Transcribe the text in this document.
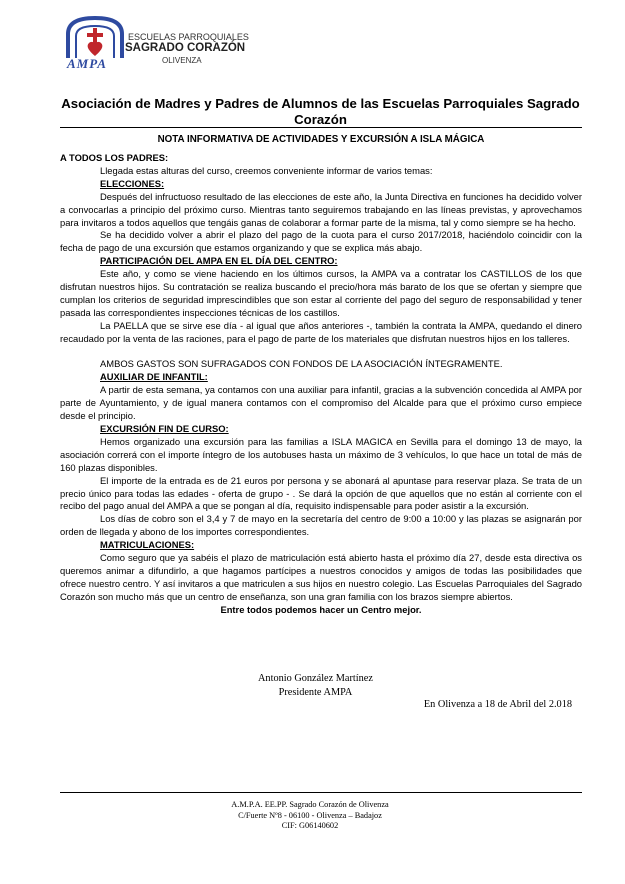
AMPA
ESCUELAS PARROQUIALES
SAGRADO CORAZÓN
OLIVENZA
Asociación de Madres y Padres de Alumnos de las Escuelas Parroquiales Sagrado Corazón
NOTA INFORMATIVA DE ACTIVIDADES Y EXCURSIÓN A ISLA MÁGICA

A TODOS LOS PADRES:

Llegada estas alturas del curso, creemos conveniente informar de varios temas:

ELECCIONES:

Después del infructuoso resultado de las elecciones de este año, la Junta Directiva en funciones ha decidido volver a convocarlas a principio del próximo curso. Mientras tanto seguiremos trabajando en las líneas previstas, y aprovechamos para invitaros a todos aquellos que tengáis ganas de colaborar a formar parte de la misma, tal y como siempre se ha hecho.

Se ha decidido volver a abrir el plazo del pago de la cuota para el curso 2017/2018, haciéndolo coincidir con la fecha de pago de una excursión que estamos organizando y que se explica más abajo.

PARTICIPACIÓN DEL AMPA EN EL DÍA DEL CENTRO:

Este año, y como se viene haciendo en los últimos cursos, la AMPA va a contratar los CASTILLOS de los que disfrutan nuestros hijos. Su contratación se realiza buscando el precio/hora más barato de los que se ofertan y siempre que cumplan los criterios de seguridad imprescindibles que son estar al corriente del pago del seguro de responsabilidad y tener pasada las correspondientes inspecciones técnicas de los castillos.

La PAELLA que se sirve ese día - al igual que años anteriores -, también la contrata la AMPA, quedando el dinero recaudado por la venta de las raciones, para el pago de parte de los materiales que disfrutan nuestros hijos en los talleres.

AMBOS GASTOS SON SUFRAGADOS CON FONDOS DE LA ASOCIACIÓN ÍNTEGRAMENTE.

AUXILIAR DE INFANTIL:

A partir de esta semana, ya contamos con una auxiliar para infantil, gracias a la subvención concedida al AMPA por parte de Ayuntamiento, y de igual manera contamos con el compromiso del Alcalde para que el próximo curso empiece desde el principio.

EXCURSIÓN FIN DE CURSO:

Hemos organizado una excursión para las familias a ISLA MAGICA en Sevilla para el domingo 13 de mayo, la asociación correrá con el importe íntegro de los autobuses hasta un máximo de 3 vehículos, lo que hace un total de más de 160 plazas disponibles.

El importe de la entrada es de 21 euros por persona y se abonará al apuntase para reservar plaza. Se trata de un precio único para todas las edades - oferta de grupo - . Se dará la opción de que aquellos que no están al corriente con el recibo del pago anual del AMPA a que se pongan al día, requisito indispensable para poder asistir a la excursión.

Los días de cobro son el 3,4 y 7 de mayo en la secretaría del centro de 9:00 a 10:00 y las plazas se asignarán por orden de llegada y abono de los importes correspondientes.

MATRICULACIONES:

Como seguro que ya sabéis el plazo de matriculación está abierto hasta el próximo día 27, desde esta directiva os queremos animar a difundirlo, a que hagamos partícipes a nuestros conocidos y amigos de todas las posibilidades que ofrece nuestro centro. Y así invitaros a que matriculen a sus hijos en nuestro colegio. Las Escuelas Parroquiales del Sagrado Corazón son mucho más que un centro de enseñanza, son una gran familia con los brazos siempre abiertos.

Entre todos podemos hacer un Centro mejor.

Antonio González Martínez
Presidente AMPA
En Olivenza a 18 de Abril del 2.018
A.M.P.A. EE.PP. Sagrado Corazón de Olivenza
C/Fuerte Nº8 - 06100 - Olivenza – Badajoz
CIF: G06140602
